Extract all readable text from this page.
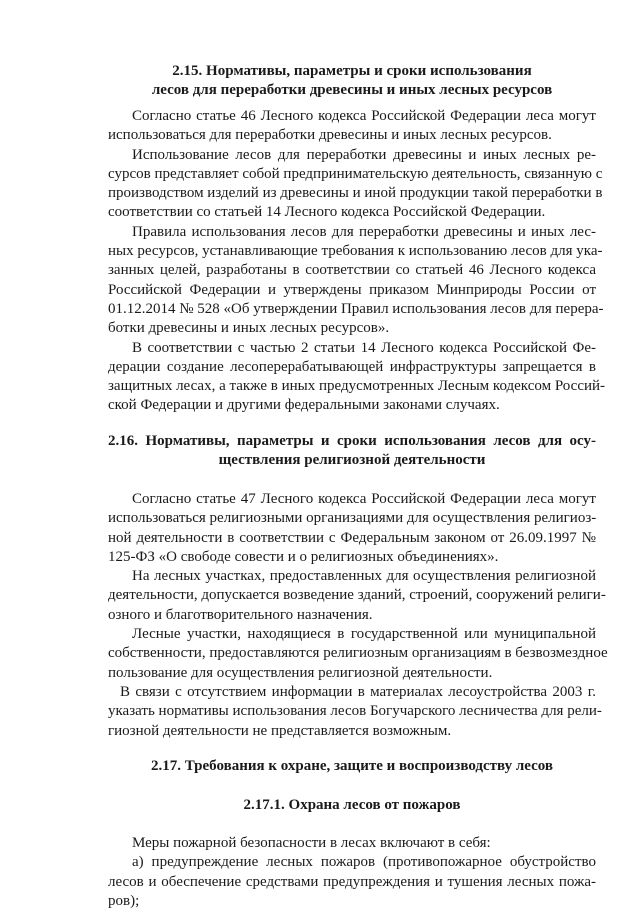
2.15. Нормативы, параметры и сроки использования
лесов для переработки древесины и иных лесных ресурсов
Согласно статье 46 Лесного кодекса Российской Федерации леса могут
использоваться для переработки древесины и иных лесных ресурсов.
Использование лесов для переработки древесины и иных лесных ре-
сурсов представляет собой предпринимательскую деятельность, связанную с
производством изделий из древесины и иной продукции такой переработки в
соответствии со статьей 14 Лесного кодекса Российской Федерации.
Правила использования лесов для переработки древесины и иных лес-
ных ресурсов, устанавливающие требования к использованию лесов для ука-
занных целей, разработаны в соответствии со статьей 46 Лесного кодекса
Российской Федерации и утверждены приказом Минприроды России от
01.12.2014 № 528 «Об утверждении Правил использования лесов для перера-
ботки древесины и иных лесных ресурсов».
В соответствии с частью 2 статьи 14 Лесного кодекса Российской Фе-
дерации создание лесоперерабатывающей инфраструктуры запрещается в
защитных лесах, а также в иных предусмотренных Лесным кодексом Россий-
ской Федерации и другими федеральными законами случаях.
2.16. Нормативы, параметры и сроки использования лесов для осу-
ществления религиозной деятельности
Согласно статье 47 Лесного кодекса Российской Федерации леса могут
использоваться религиозными организациями для осуществления религиоз-
ной деятельности в соответствии с Федеральным законом от 26.09.1997 №
125-ФЗ «О свободе совести и о религиозных объединениях».
На лесных участках, предоставленных для осуществления религиозной
деятельности, допускается возведение зданий, строений, сооружений религи-
озного и благотворительного назначения.
Лесные участки, находящиеся в государственной или муниципальной
собственности, предоставляются религиозным организациям в безвозмездное
пользование для осуществления религиозной деятельности.
В связи с отсутствием информации в материалах лесоустройства 2003 г.
указать нормативы использования лесов Богучарского лесничества для рели-
гиозной деятельности не представляется возможным.
2.17. Требования к охране, защите и воспроизводству лесов
2.17.1. Охрана лесов от пожаров
Меры пожарной безопасности в лесах включают в себя:
а) предупреждение лесных пожаров (противопожарное обустройство
лесов и обеспечение средствами предупреждения и тушения лесных пожа-
ров);
